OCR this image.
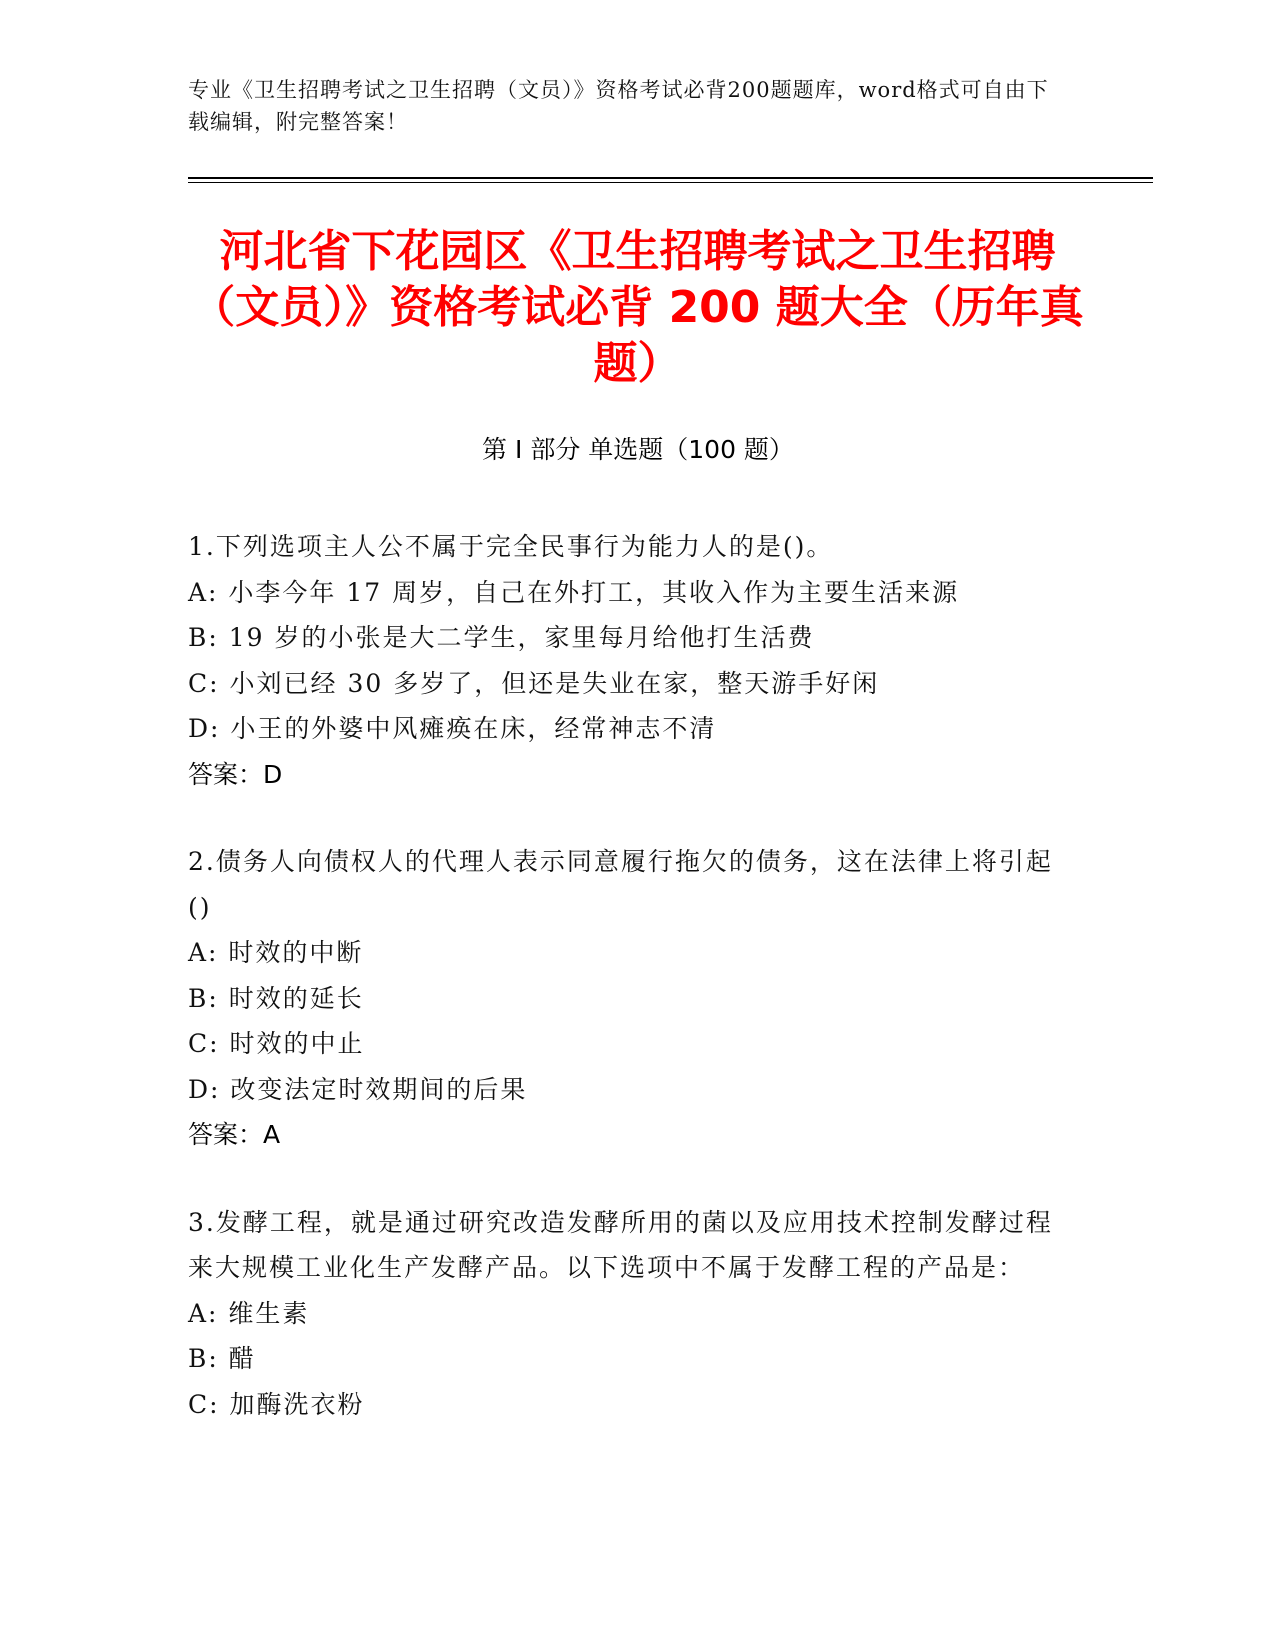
专业《卫生招聘考试之卫生招聘（文员）》资格考试必背200题题库，word格式可自由下载编辑，附完整答案！
河北省下花园区《卫生招聘考试之卫生招聘（文员）》资格考试必背 200 题大全（历年真题）
第 I 部分 单选题（100 题）
1.下列选项主人公不属于完全民事行为能力人的是()。
A: 小李今年 17 周岁，自己在外打工，其收入作为主要生活来源
B: 19 岁的小张是大二学生，家里每月给他打生活费
C: 小刘已经 30 多岁了，但还是失业在家，整天游手好闲
D: 小王的外婆中风瘫痪在床，经常神志不清
答案：D
2.债务人向债权人的代理人表示同意履行拖欠的债务，这在法律上将引起()
A: 时效的中断
B: 时效的延长
C: 时效的中止
D: 改变法定时效期间的后果
答案：A
3.发酵工程，就是通过研究改造发酵所用的菌以及应用技术控制发酵过程来大规模工业化生产发酵产品。以下选项中不属于发酵工程的产品是：
A: 维生素
B: 醋
C: 加酶洗衣粉
